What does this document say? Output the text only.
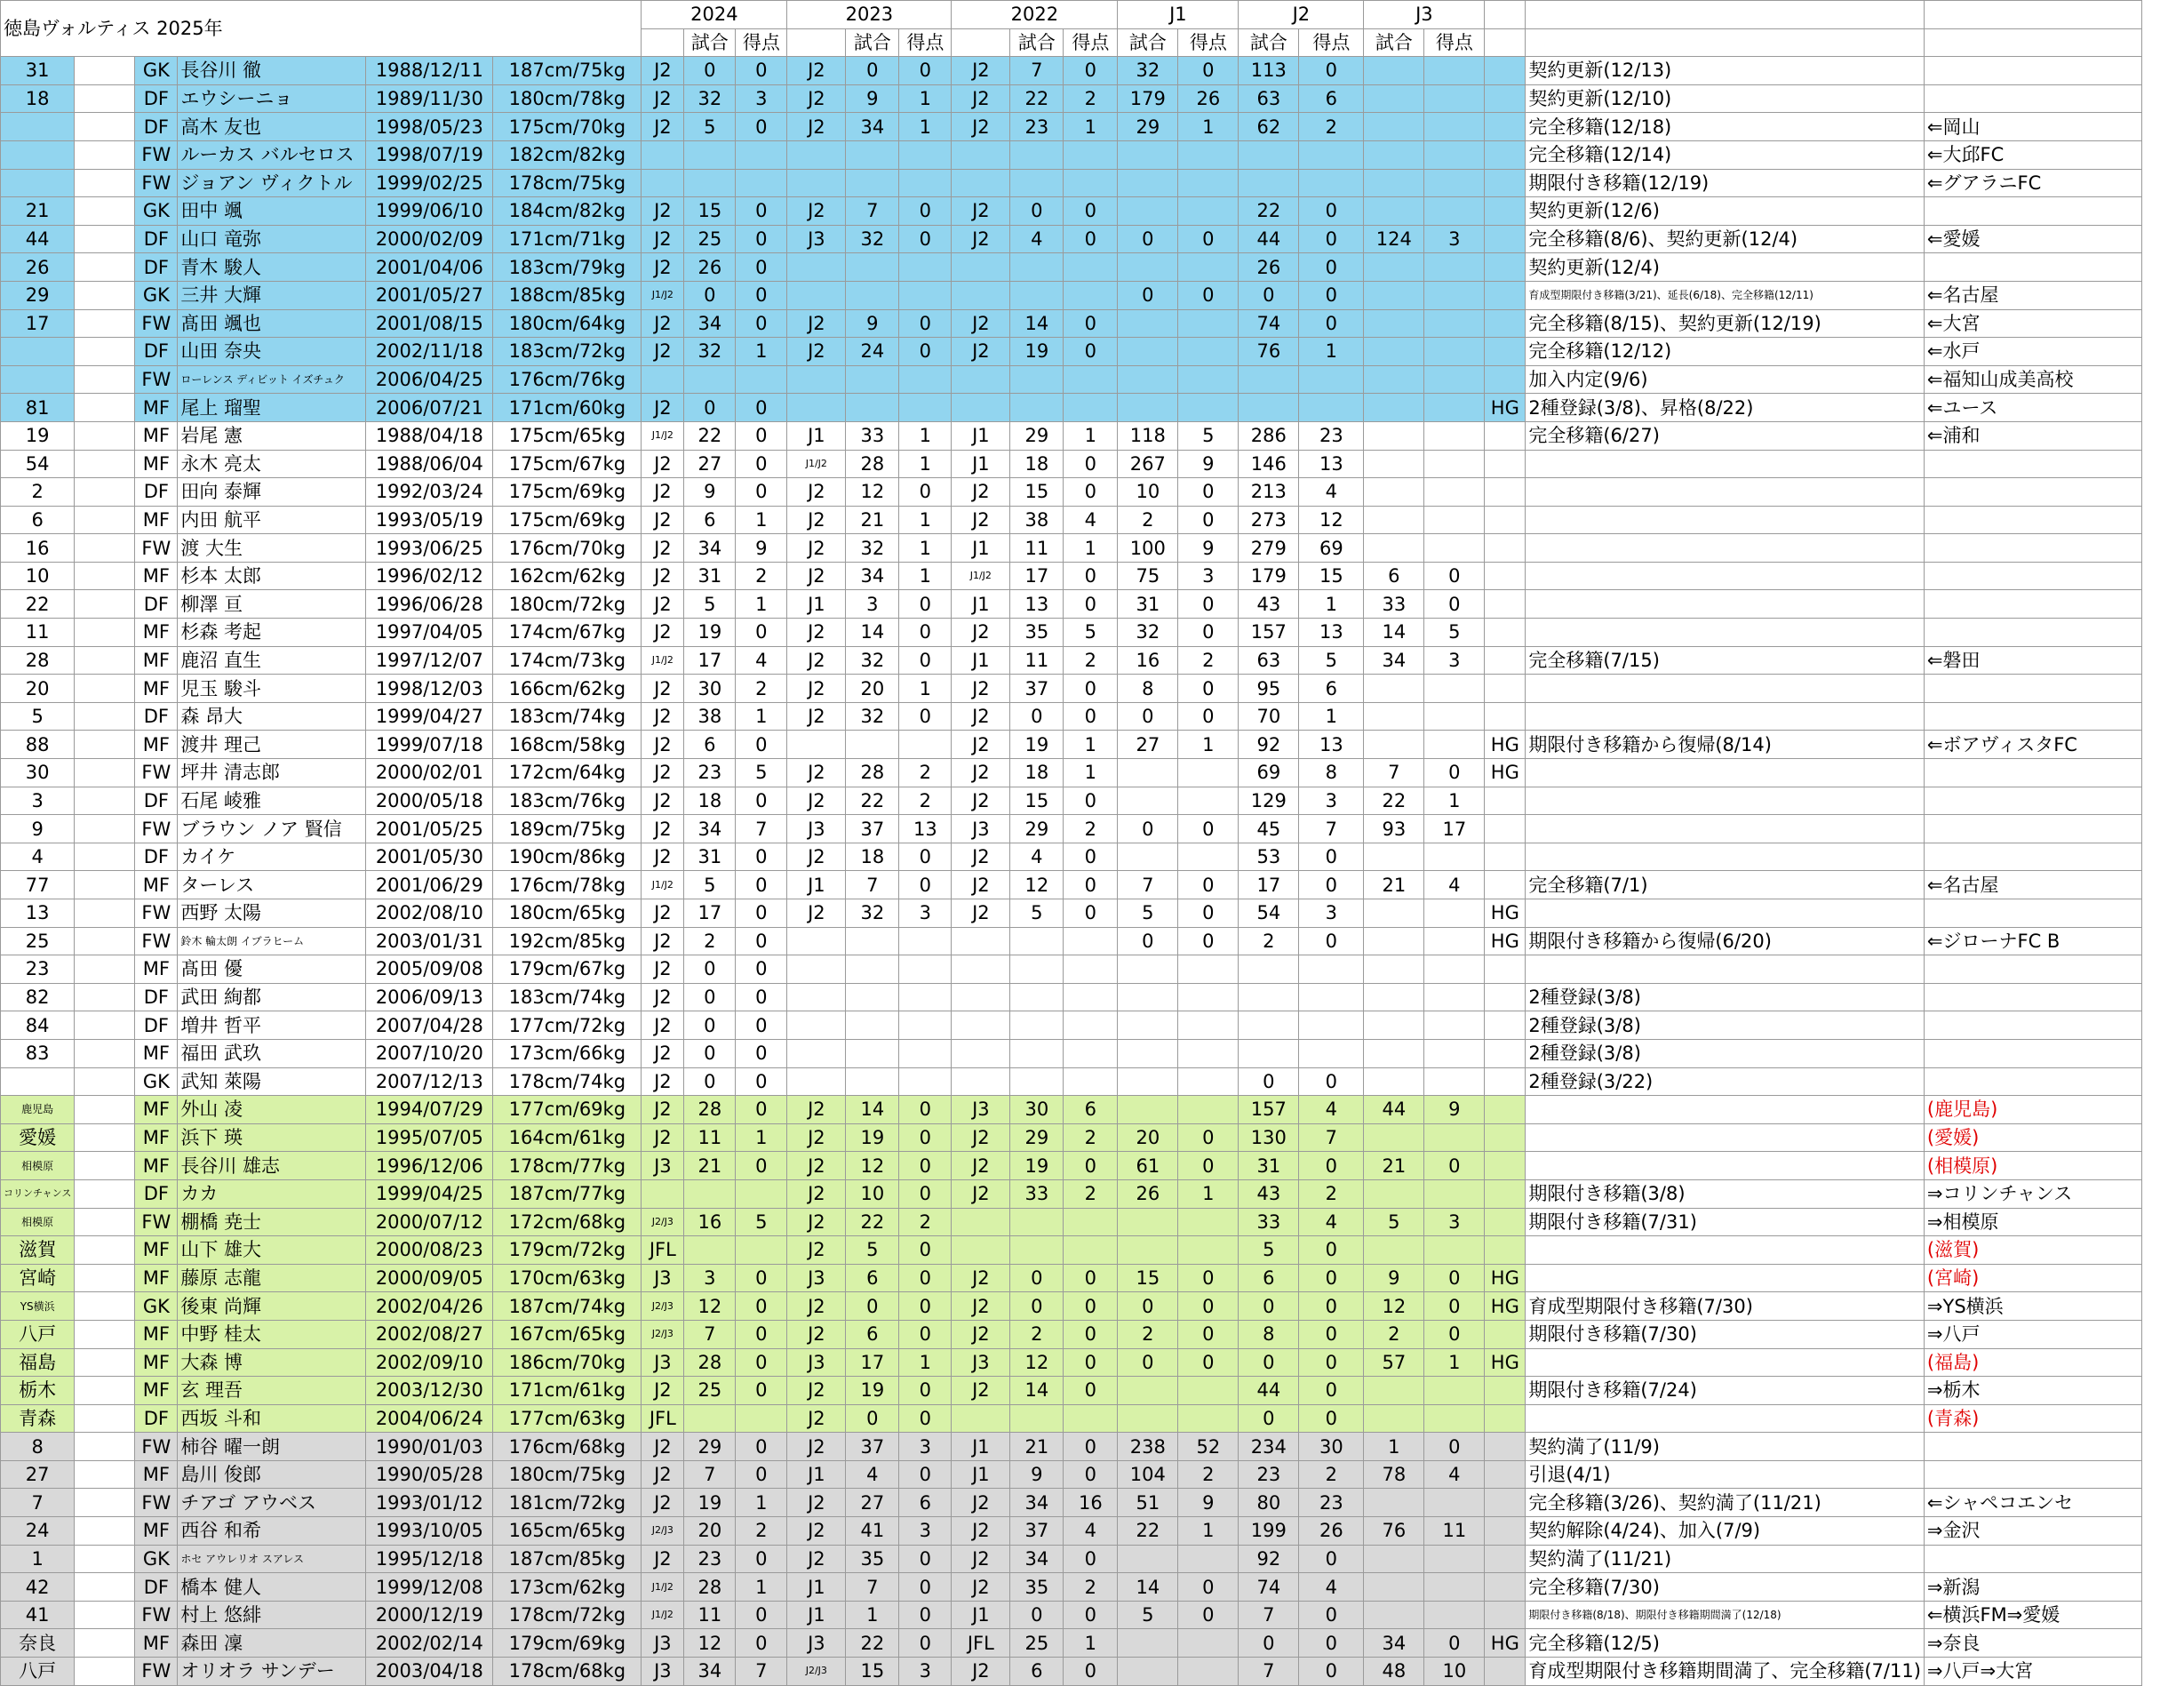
徳島ヴォルティス 2025年						2024			2023			2022			J1		J2		J3				
							試合	得点		試合	得点		試合	得点	試合	得点	試合	得点	試合	得点			
31		GK	長谷川 徹	1988/12/11	187cm/75kg	J2	0	0	J2	0	0	J2	7	0	32	0	113	0				契約更新(12/13)	
18		DF	エウシーニョ	1989/11/30	180cm/78kg	J2	32	3	J2	9	1	J2	22	2	179	26	63	6				契約更新(12/10)	
		DF	高木 友也	1998/05/23	175cm/70kg	J2	5	0	J2	34	1	J2	23	1	29	1	62	2				完全移籍(12/18)	⇐岡山
		FW	ルーカス バルセロス	1998/07/19	182cm/82kg																	完全移籍(12/14)	⇐大邱FC
		FW	ジョアン ヴィクトル	1999/02/25	178cm/75kg																	期限付き移籍(12/19)	⇐グアラニFC
21		GK	田中 颯	1999/06/10	184cm/82kg	J2	15	0	J2	7	0	J2	0	0			22	0				契約更新(12/6)	
44		DF	山口 竜弥	2000/02/09	171cm/71kg	J2	25	0	J3	32	0	J2	4	0	0	0	44	0	124	3		完全移籍(8/6)、契約更新(12/4)	⇐愛媛
26		DF	青木 駿人	2001/04/06	183cm/79kg	J2	26	0									26	0				契約更新(12/4)	
29		GK	三井 大輝	2001/05/27	188cm/85kg	J1/J2	0	0							0	0	0	0				育成型期限付き移籍(3/21)、延長(6/18)、完全移籍(12/11)	⇐名古屋
17		FW	髙田 颯也	2001/08/15	180cm/64kg	J2	34	0	J2	9	0	J2	14	0			74	0				完全移籍(8/15)、契約更新(12/19)	⇐大宮
		DF	山田 奈央	2002/11/18	183cm/72kg	J2	32	1	J2	24	0	J2	19	0			76	1				完全移籍(12/12)	⇐水戸
		FW	ローレンス ディビット イズチュク	2006/04/25	176cm/76kg																	加入内定(9/6)	⇐福知山成美高校
81		MF	尾上 瑠聖	2006/07/21	171cm/60kg	J2	0	0													HG	2種登録(3/8)、昇格(8/22)	⇐ユース
19		MF	岩尾 憲	1988/04/18	175cm/65kg	J1/J2	22	0	J1	33	1	J1	29	1	118	5	286	23				完全移籍(6/27)	⇐浦和
54		MF	永木 亮太	1988/06/04	175cm/67kg	J2	27	0	J1/J2	28	1	J1	18	0	267	9	146	13					
2		DF	田向 泰輝	1992/03/24	175cm/69kg	J2	9	0	J2	12	0	J2	15	0	10	0	213	4					
6		MF	内田 航平	1993/05/19	175cm/69kg	J2	6	1	J2	21	1	J2	38	4	2	0	273	12					
16		FW	渡 大生	1993/06/25	176cm/70kg	J2	34	9	J2	32	1	J1	11	1	100	9	279	69					
10		MF	杉本 太郎	1996/02/12	162cm/62kg	J2	31	2	J2	34	1	J1/J2	17	0	75	3	179	15	6	0			
22		DF	柳澤 亘	1996/06/28	180cm/72kg	J2	5	1	J1	3	0	J1	13	0	31	0	43	1	33	0			
11		MF	杉森 考起	1997/04/05	174cm/67kg	J2	19	0	J2	14	0	J2	35	5	32	0	157	13	14	5			
28		MF	鹿沼 直生	1997/12/07	174cm/73kg	J1/J2	17	4	J2	32	0	J1	11	2	16	2	63	5	34	3		完全移籍(7/15)	⇐磐田
20		MF	児玉 駿斗	1998/12/03	166cm/62kg	J2	30	2	J2	20	1	J2	37	0	8	0	95	6					
5		DF	森 昂大	1999/04/27	183cm/74kg	J2	38	1	J2	32	0	J2	0	0	0	0	70	1					
88		MF	渡井 理己	1999/07/18	168cm/58kg	J2	6	0				J2	19	1	27	1	92	13			HG	期限付き移籍から復帰(8/14)	⇐ボアヴィスタFC
30		FW	坪井 清志郎	2000/02/01	172cm/64kg	J2	23	5	J2	28	2	J2	18	1			69	8	7	0	HG		
3		DF	石尾 崚雅	2000/05/18	183cm/76kg	J2	18	0	J2	22	2	J2	15	0			129	3	22	1			
9		FW	ブラウン ノア 賢信	2001/05/25	189cm/75kg	J2	34	7	J3	37	13	J3	29	2	0	0	45	7	93	17			
4		DF	カイケ	2001/05/30	190cm/86kg	J2	31	0	J2	18	0	J2	4	0			53	0					
77		MF	ターレス	2001/06/29	176cm/78kg	J1/J2	5	0	J1	7	0	J2	12	0	7	0	17	0	21	4		完全移籍(7/1)	⇐名古屋
13		FW	西野 太陽	2002/08/10	180cm/65kg	J2	17	0	J2	32	3	J2	5	0	5	0	54	3			HG		
25		FW	鈴木 輪太朗 イブラヒーム	2003/01/31	192cm/85kg	J2	2	0							0	0	2	0			HG	期限付き移籍から復帰(6/20)	⇐ジローナFC B
23		MF	髙田 優	2005/09/08	179cm/67kg	J2	0	0															
82		DF	武田 絢都	2006/09/13	183cm/74kg	J2	0	0														2種登録(3/8)	
84		DF	増井 哲平	2007/04/28	177cm/72kg	J2	0	0														2種登録(3/8)	
83		MF	福田 武玖	2007/10/20	173cm/66kg	J2	0	0														2種登録(3/8)	
		GK	武知 萊陽	2007/12/13	178cm/74kg	J2	0	0									0	0				2種登録(3/22)	
鹿児島		MF	外山 凌	1994/07/29	177cm/69kg	J2	28	0	J2	14	0	J3	30	6			157	4	44	9			(鹿児島)
愛媛		MF	浜下 瑛	1995/07/05	164cm/61kg	J2	11	1	J2	19	0	J2	29	2	20	0	130	7					(愛媛)
相模原		MF	長谷川 雄志	1996/12/06	178cm/77kg	J3	21	0	J2	12	0	J2	19	0	61	0	31	0	21	0			(相模原)
コリンチャンス		DF	カカ	1999/04/25	187cm/77kg				J2	10	0	J2	33	2	26	1	43	2				期限付き移籍(3/8)	⇒コリンチャンス
相模原		FW	棚橋 尭士	2000/07/12	172cm/68kg	J2/J3	16	5	J2	22	2						33	4	5	3		期限付き移籍(7/31)	⇒相模原
滋賀		MF	山下 雄大	2000/08/23	179cm/72kg	JFL			J2	5	0						5	0					(滋賀)
宮崎		MF	藤原 志龍	2000/09/05	170cm/63kg	J3	3	0	J3	6	0	J2	0	0	15	0	6	0	9	0	HG		(宮崎)
YS横浜		GK	後東 尚輝	2002/04/26	187cm/74kg	J2/J3	12	0	J2	0	0	J2	0	0	0	0	0	0	12	0	HG	育成型期限付き移籍(7/30)	⇒YS横浜
八戸		MF	中野 桂太	2002/08/27	167cm/65kg	J2/J3	7	0	J2	6	0	J2	2	0	2	0	8	0	2	0		期限付き移籍(7/30)	⇒八戸
福島		MF	大森 博	2002/09/10	186cm/70kg	J3	28	0	J3	17	1	J3	12	0	0	0	0	0	57	1	HG		(福島)
栃木		MF	玄 理吾	2003/12/30	171cm/61kg	J2	25	0	J2	19	0	J2	14	0			44	0				期限付き移籍(7/24)	⇒栃木
青森		DF	西坂 斗和	2004/06/24	177cm/63kg	JFL			J2	0	0						0	0					(青森)
8		FW	柿谷 曜一朗	1990/01/03	176cm/68kg	J2	29	0	J2	37	3	J1	21	0	238	52	234	30	1	0		契約満了(11/9)	
27		MF	島川 俊郎	1990/05/28	180cm/75kg	J2	7	0	J1	4	0	J1	9	0	104	2	23	2	78	4		引退(4/1)	
7		FW	チアゴ アウベス	1993/01/12	181cm/72kg	J2	19	1	J2	27	6	J2	34	16	51	9	80	23				完全移籍(3/26)、契約満了(11/21)	⇐シャペコエンセ
24		MF	西谷 和希	1993/10/05	165cm/65kg	J2/J3	20	2	J2	41	3	J2	37	4	22	1	199	26	76	11		契約解除(4/24)、加入(7/9)	⇒金沢
1		GK	ホセ アウレリオ スアレス	1995/12/18	187cm/85kg	J2	23	0	J2	35	0	J2	34	0			92	0				契約満了(11/21)	
42		DF	橋本 健人	1999/12/08	173cm/62kg	J1/J2	28	1	J1	7	0	J2	35	2	14	0	74	4				完全移籍(7/30)	⇒新潟
41		FW	村上 悠緋	2000/12/19	178cm/72kg	J1/J2	11	0	J1	1	0	J1	0	0	5	0	7	0				期限付き移籍(8/18)、期限付き移籍期間満了(12/18)	⇐横浜FM⇒愛媛
奈良		MF	森田 凜	2002/02/14	179cm/69kg	J3	12	0	J3	22	0	JFL	25	1			0	0	34	0	HG	完全移籍(12/5)	⇒奈良
八戸		FW	オリオラ サンデー	2003/04/18	178cm/68kg	J3	34	7	J2/J3	15	3	J2	6	0			7	0	48	10		育成型期限付き移籍期間満了、完全移籍(7/11)	⇒八戸⇒大宮
